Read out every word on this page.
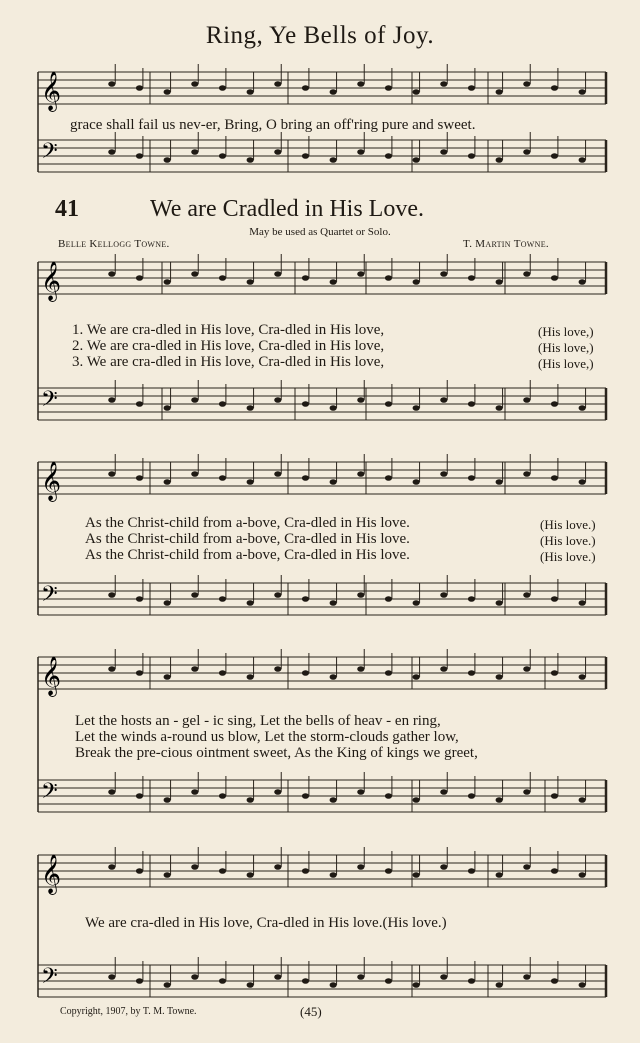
𝄞
𝄢
𝄞
𝄢
𝄞
𝄢
𝄞
𝄢
𝄞
𝄢
Ring, Ye Bells of Joy.
grace shall fail us nev-er, Bring, O bring an off'ring pure and sweet.
41	We are Cradled in His Love.
May be used as Quartet or Solo.
Belle Kellogg Towne.	T. Martin Towne.
1. We are cra-dled in His love, Cra-dled in His love,
2. We are cra-dled in His love, Cra-dled in His love,
3. We are cra-dled in His love, Cra-dled in His love,
(His love,)
(His love,)
(His love,)
As the Christ-child from a-bove, Cra-dled in His love.
As the Christ-child from a-bove, Cra-dled in His love.
As the Christ-child from a-bove, Cra-dled in His love.
(His love.)
(His love.)
(His love.)
Let the hosts an - gel - ic sing, Let the bells of heav - en ring,
Let the winds a-round us blow, Let the storm-clouds gather low,
Break the pre-cious ointment sweet, As the King of kings we greet,
We are cra-dled in His love, Cra-dled in His love.(His love.)
Copyright, 1907, by T. M. Towne.	(45)
